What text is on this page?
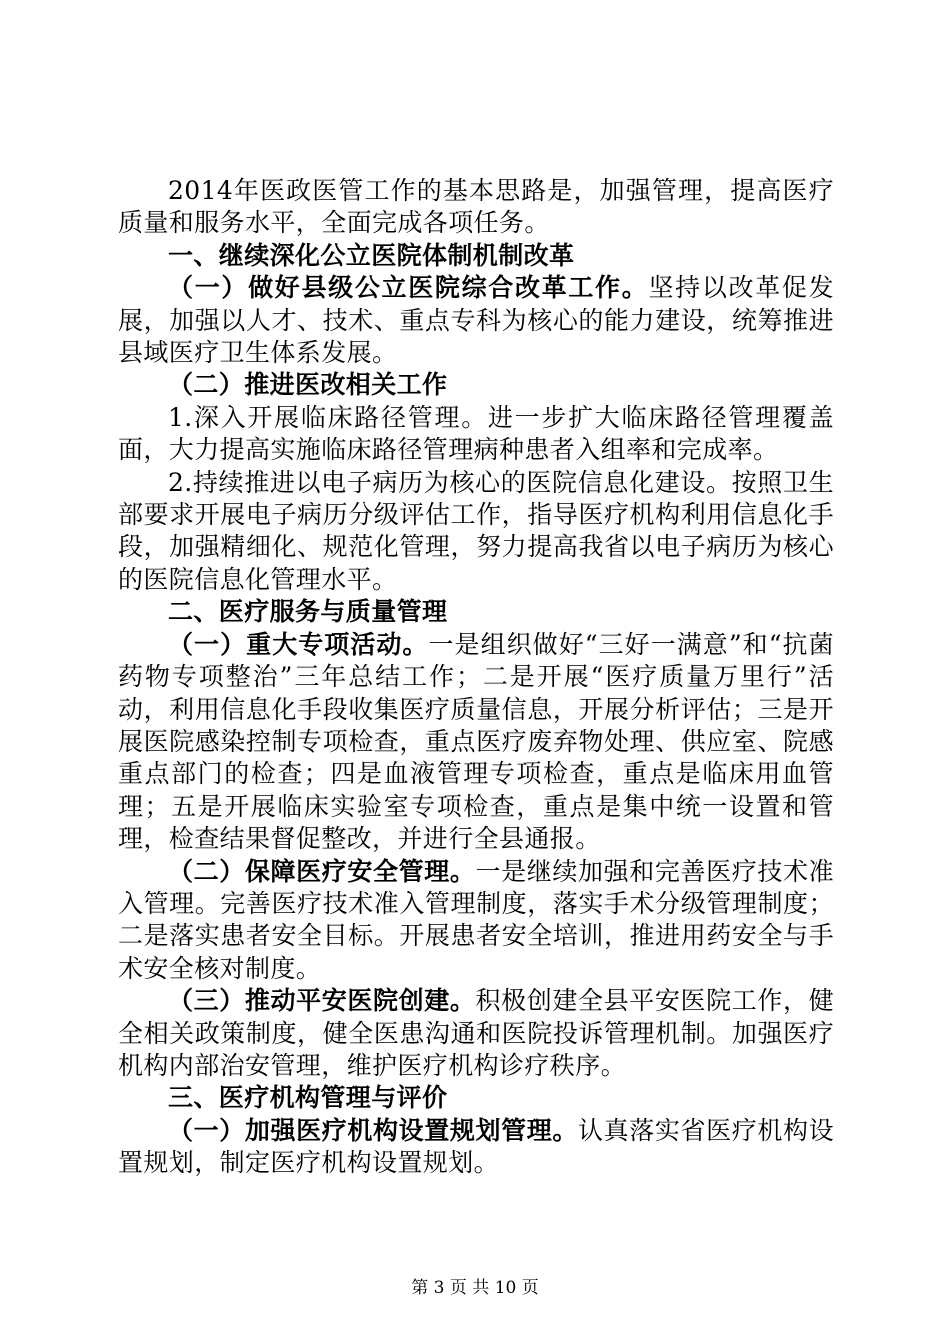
2014年医政医管工作的基本思路是，加强管理，提高医疗质量和服务水平，全面完成各项任务。

一、继续深化公立医院体制机制改革

（一）做好县级公立医院综合改革工作。坚持以改革促发展，加强以人才、技术、重点专科为核心的能力建设，统筹推进县域医疗卫生体系发展。

（二）推进医改相关工作

1.深入开展临床路径管理。进一步扩大临床路径管理覆盖面，大力提高实施临床路径管理病种患者入组率和完成率。

2.持续推进以电子病历为核心的医院信息化建设。按照卫生部要求开展电子病历分级评估工作，指导医疗机构利用信息化手段，加强精细化、规范化管理，努力提高我省以电子病历为核心的医院信息化管理水平。

二、医疗服务与质量管理

（一）重大专项活动。一是组织做好“三好一满意”和“抗菌药物专项整治”三年总结工作；二是开展“医疗质量万里行”活动，利用信息化手段收集医疗质量信息，开展分析评估；三是开展医院感染控制专项检查，重点医疗废弃物处理、供应室、院感重点部门的检查；四是血液管理专项检查，重点是临床用血管理；五是开展临床实验室专项检查，重点是集中统一设置和管理，检查结果督促整改，并进行全县通报。

（二）保障医疗安全管理。一是继续加强和完善医疗技术准入管理。完善医疗技术准入管理制度，落实手术分级管理制度；二是落实患者安全目标。开展患者安全培训，推进用药安全与手术安全核对制度。

（三）推动平安医院创建。积极创建全县平安医院工作，健全相关政策制度，健全医患沟通和医院投诉管理机制。加强医疗机构内部治安管理，维护医疗机构诊疗秩序。

三、医疗机构管理与评价

（一）加强医疗机构设置规划管理。认真落实省医疗机构设置规划，制定医疗机构设置规划。

第 3 页 共 10 页
